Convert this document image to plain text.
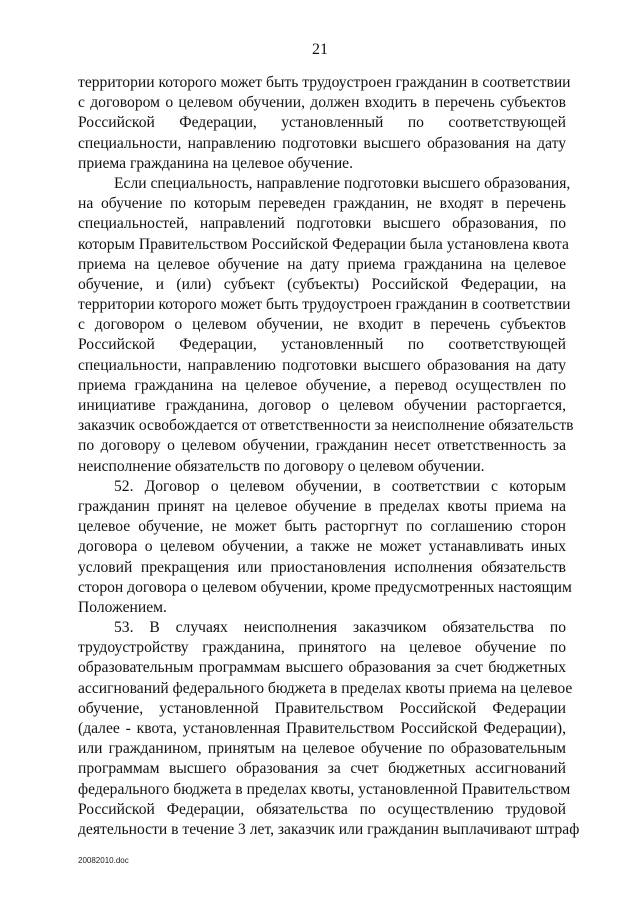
21
территории которого может быть трудоустроен гражданин в соответствии
с договором о целевом обучении, должен входить в перечень субъектов
Российской Федерации, установленный по соответствующей
специальности, направлению подготовки высшего образования на дату
приема гражданина на целевое обучение.
Если специальность, направление подготовки высшего образования,
на обучение по которым переведен гражданин, не входят в перечень
специальностей, направлений подготовки высшего образования, по
которым Правительством Российской Федерации была установлена квота
приема на целевое обучение на дату приема гражданина на целевое
обучение, и (или) субъект (субъекты) Российской Федерации, на
территории которого может быть трудоустроен гражданин в соответствии
с договором о целевом обучении, не входит в перечень субъектов
Российской Федерации, установленный по соответствующей
специальности, направлению подготовки высшего образования на дату
приема гражданина на целевое обучение, а перевод осуществлен по
инициативе гражданина, договор о целевом обучении расторгается,
заказчик освобождается от ответственности за неисполнение обязательств
по договору о целевом обучении, гражданин несет ответственность за
неисполнение обязательств по договору о целевом обучении.
52. Договор о целевом обучении, в соответствии с которым
гражданин принят на целевое обучение в пределах квоты приема на
целевое обучение, не может быть расторгнут по соглашению сторон
договора о целевом обучении, а также не может устанавливать иных
условий прекращения или приостановления исполнения обязательств
сторон договора о целевом обучении, кроме предусмотренных настоящим
Положением.
53. В случаях неисполнения заказчиком обязательства по
трудоустройству гражданина, принятого на целевое обучение по
образовательным программам высшего образования за счет бюджетных
ассигнований федерального бюджета в пределах квоты приема на целевое
обучение, установленной Правительством Российской Федерации
(далее - квота, установленная Правительством Российской Федерации),
или гражданином, принятым на целевое обучение по образовательным
программам высшего образования за счет бюджетных ассигнований
федерального бюджета в пределах квоты, установленной Правительством
Российской Федерации, обязательства по осуществлению трудовой
деятельности в течение 3 лет, заказчик или гражданин выплачивают штраф
20082010.doc
